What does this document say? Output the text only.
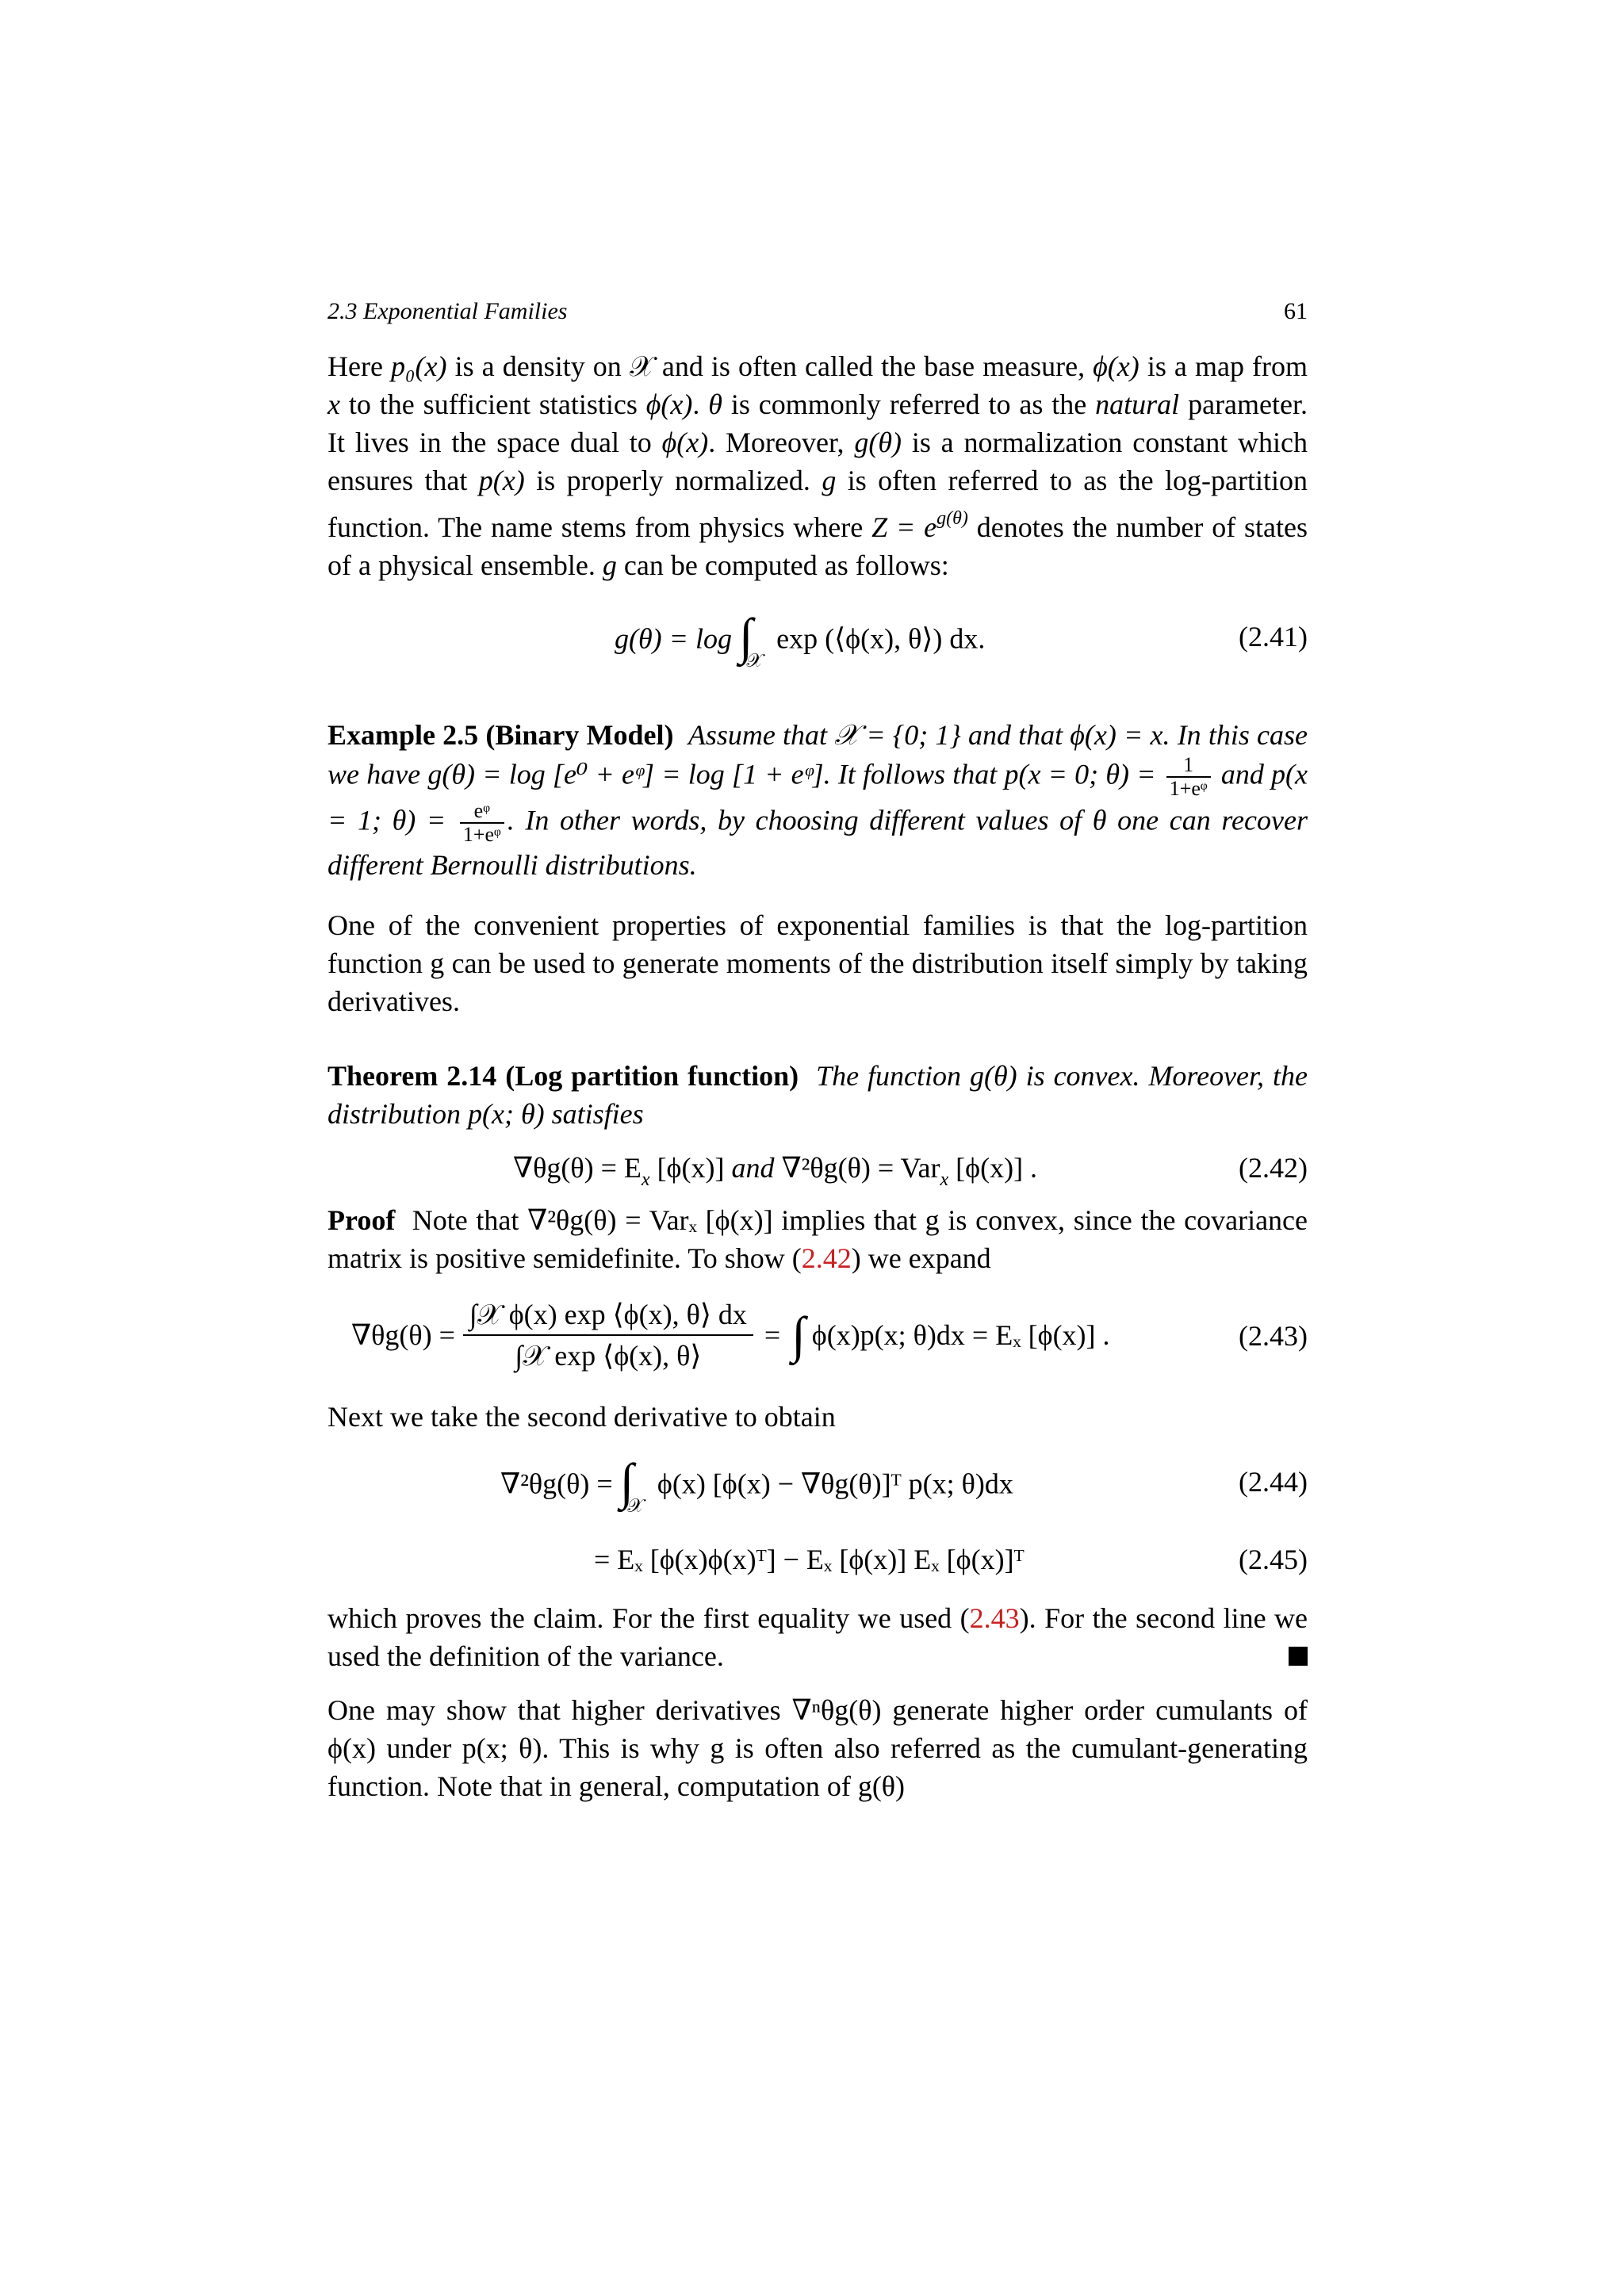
2.3 Exponential Families	61

Here p₀(x) is a density on 𝒳 and is often called the base measure, ϕ(x) is a map from x to the sufficient statistics ϕ(x). θ is commonly referred to as the natural parameter. It lives in the space dual to ϕ(x). Moreover, g(θ) is a normalization constant which ensures that p(x) is properly normalized. g is often referred to as the log-partition function. The name stems from physics where $Z = e^{g(\theta)}$ denotes the number of states of a physical ensemble. g can be computed as follows:

$g(\theta) = \log \int_𝒳$ exp (⟨ϕ(x), θ⟩) dx.	(2.41)

Example 2.5 (Binary Model) Assume that 𝒳 = {0; 1} and that ϕ(x) = x. In this case we have g(θ) = log [e⁰ + eᵠ] = log [1 + eᵠ]. It follows that p(x = 0; $\theta) = \frac{1}{\text{1+eᵠ}}$ and p(x = 1; $\theta) = \frac{\text{eᵠ}}{\text{1+eᵠ}}$ . In other words, by choosing different values of θ one can recover different Bernoulli distributions.

One of the convenient properties of exponential families is that the log-partition function g can be used to generate moments of the distribution itself simply by taking derivatives.

Theorem 2.14 (Log partition function) The function g(θ) is convex. Moreover, the distribution p(x; θ) satisfies

$\nabla\theta g(\theta) = E_x$ [ϕ(x)] and ∇²θg(θ) = Var$_x$ [ϕ(x)] .	(2.42)

Proof Note that ∇²θg(θ) = Varₓ [ϕ(x)] implies that g is convex, since the covariance matrix is positive semidefinite. To show (2.42) we expand

∇θg(θ) =
∫𝒳 ϕ(x) exp ⟨ϕ(x), θ⟩ dx
∫𝒳 exp ⟨ϕ(x), θ⟩
= ∫ ϕ(x)p(x; θ)dx = Eₓ [ϕ(x)] .	(2.43)

Next we take the second derivative to obtain

$\nabla^2\theta g(\theta) = \int_𝒳$ ϕ(x) [ϕ(x) − ∇θg(θ)]ᵀ p(x; θ)dx	(2.44)
= Eₓ [ϕ(x)ϕ(x)ᵀ] − Eₓ [ϕ(x)] Eₓ [ϕ(x)]ᵀ	(2.45)

which proves the claim. For the first equality we used (2.43). For the second line we used the definition of the variance.

One may show that higher derivatives ∇ⁿθg(θ) generate higher order cumulants of ϕ(x) under p(x; θ). This is why g is often also referred as the cumulant-generating function. Note that in general, computation of g(θ)
